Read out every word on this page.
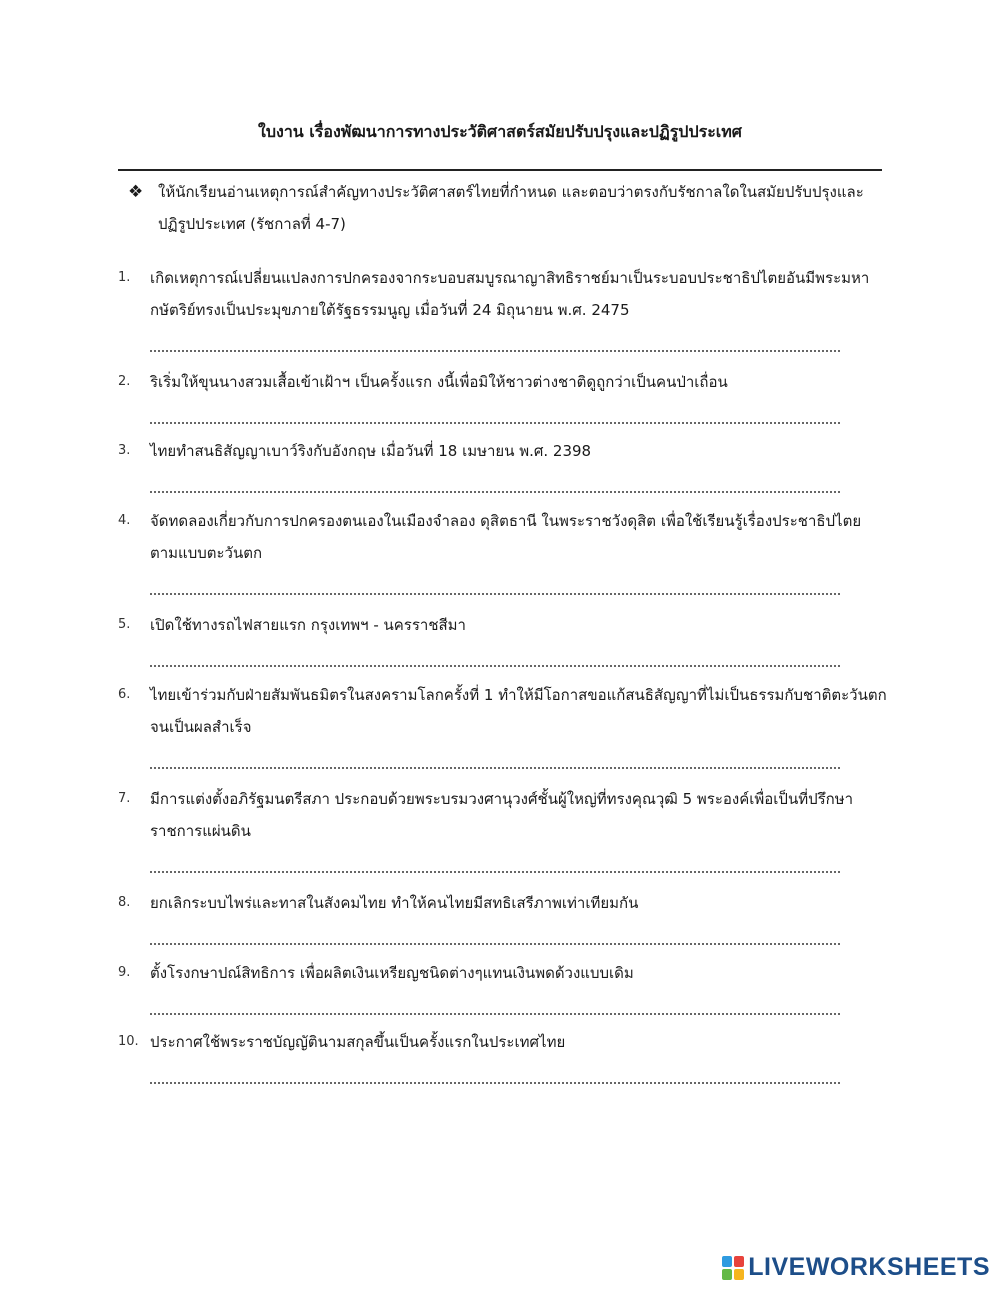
ใบงาน เรื่องพัฒนาการทางประวัติศาสตร์สมัยปรับปรุงและปฏิรูปประเทศ
❖ ให้นักเรียนอ่านเหตุการณ์สำคัญทางประวัติศาสตร์ไทยที่กำหนด และตอบว่าตรงกับรัชกาลใดในสมัยปรับปรุงและปฏิรูปประเทศ (รัชกาลที่ 4-7)
1. เกิดเหตุการณ์เปลี่ยนแปลงการปกครองจากระบอบสมบูรณาญาสิทธิราชย์มาเป็นระบอบประชาธิปไตยอันมีพระมหากษัตริย์ทรงเป็นประมุขภายใต้รัฐธรรมนูญ เมื่อวันที่ 24 มิถุนายน พ.ศ. 2475
2. ริเริ่มให้ขุนนางสวมเสื้อเข้าเฝ้าฯ เป็นครั้งแรก งนี้เพื่อมิให้ชาวต่างชาติดูถูกว่าเป็นคนป่าเถื่อน
3. ไทยทำสนธิสัญญาเบาว์ริงกับอังกฤษ เมื่อวันที่ 18 เมษายน พ.ศ. 2398
4. จัดทดลองเกี่ยวกับการปกครองตนเองในเมืองจำลอง ดุสิตธานี ในพระราชวังดุสิต เพื่อใช้เรียนรู้เรื่องประชาธิปไตยตามแบบตะวันตก
5. เปิดใช้ทางรถไฟสายแรก กรุงเทพฯ - นครราชสีมา
6. ไทยเข้าร่วมกับฝ่ายสัมพันธมิตรในสงครามโลกครั้งที่ 1 ทำให้มีโอกาสขอแก้สนธิสัญญาที่ไม่เป็นธรรมกับชาติตะวันตกจนเป็นผลสำเร็จ
7. มีการแต่งตั้งอภิรัฐมนตรีสภา ประกอบด้วยพระบรมวงศานุวงศ์ชั้นผู้ใหญ่ที่ทรงคุณวุฒิ 5 พระองค์เพื่อเป็นที่ปรึกษาราชการแผ่นดิน
8. ยกเลิกระบบไพร่และทาสในสังคมไทย ทำให้คนไทยมีสทธิเสรีภาพเท่าเทียมกัน
9. ตั้งโรงกษาปณ์สิทธิการ เพื่อผลิตเงินเหรียญชนิดต่างๆแทนเงินพดด้วงแบบเดิม
10. ประกาศใช้พระราชบัญญัตินามสกุลขึ้นเป็นครั้งแรกในประเทศไทย
LIVEWORKSHEETS
